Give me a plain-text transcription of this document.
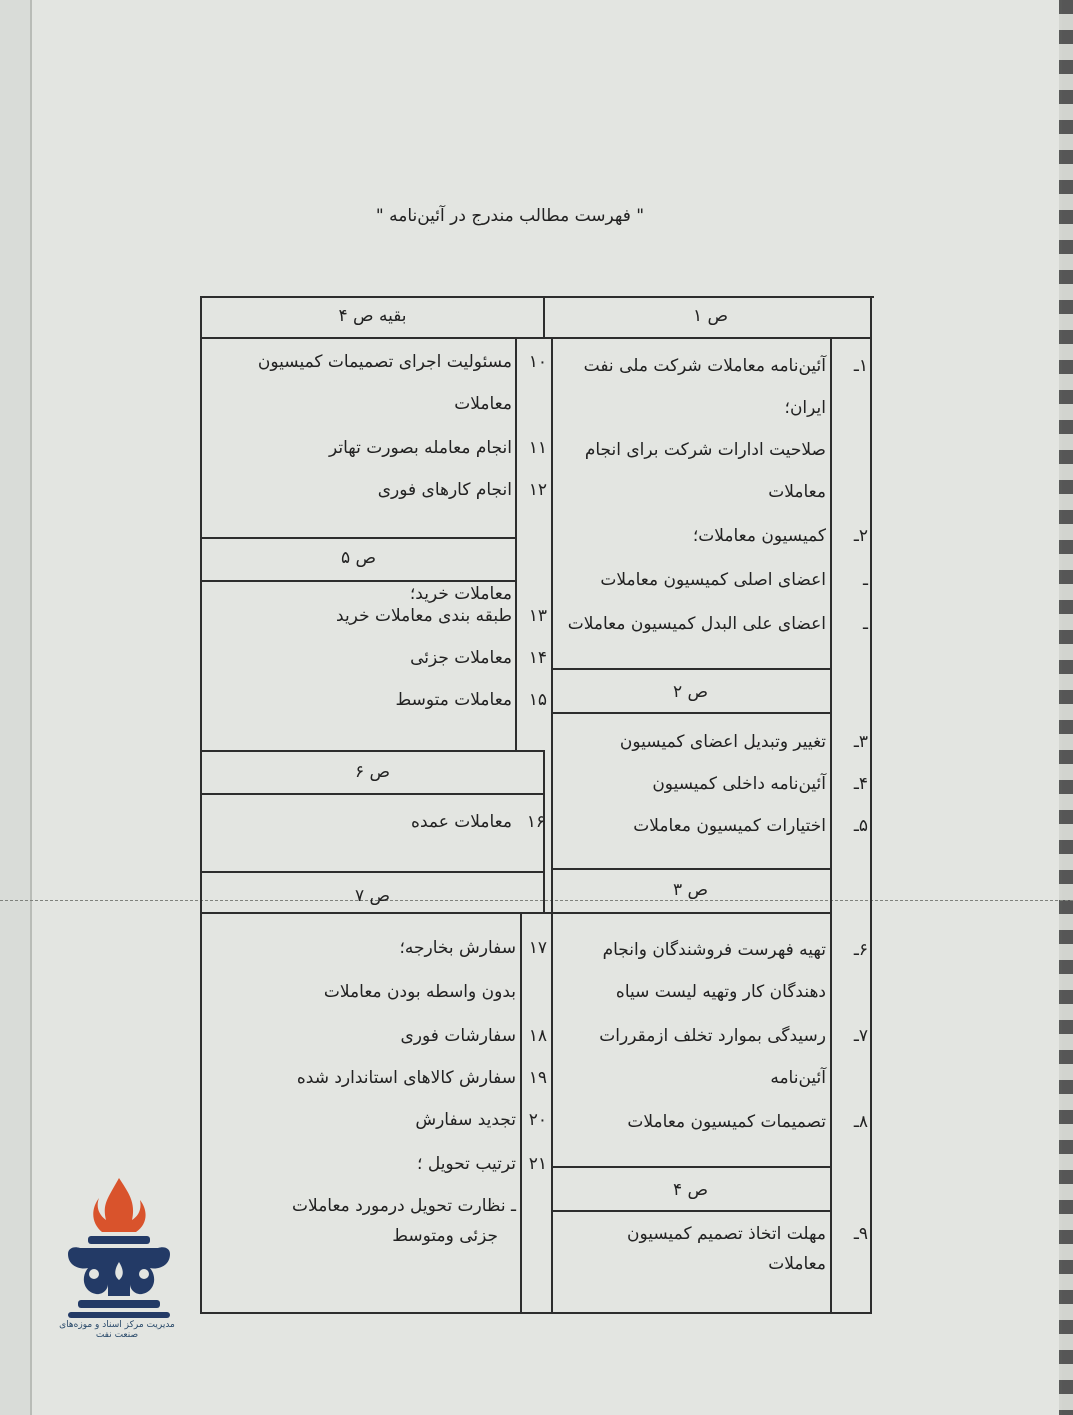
" فهرست مطالب مندرج در آئین‌نامه "
ص ۱
ص ۲
ص ۳
ص ۴
۱ـ
آئین‌نامه معاملات شرکت ملی نفت
ایران؛
صلاحیت ادارات شرکت برای انجام
معاملات
۲ـ
کمیسیون معاملات؛
ـ
اعضای اصلی کمیسیون معاملات
ـ
اعضای علی البدل کمیسیون معاملات
۳ـ
تغییر وتبدیل اعضای کمیسیون
۴ـ
آئین‌نامه داخلی کمیسیون
۵ـ
اختیارات کمیسیون معاملات
۶ـ
تهیه فهرست فروشندگان وانجام
دهندگان کار وتهیه لیست سیاه
۷ـ
رسیدگی بموارد تخلف ازمقررات
آئین‌نامه
۸ـ
تصمیمات کمیسیون معاملات
۹ـ
مهلت اتخاذ تصمیم کمیسیون
معاملات
بقیه ص ۴
ص ۵
ص ۶
ص ۷
۱۰
مسئولیت اجرای تصمیمات کمیسیون
معاملات
۱۱
انجام معامله بصورت تهاتر
۱۲
انجام کارهای فوری
معاملات خرید؛
۱۳
طبقه بندی معاملات خرید
۱۴
معاملات جزئی
۱۵
معاملات متوسط
۱۶
معاملات عمده
۱۷
سفارش بخارجه؛
بدون واسطه بودن معاملات
۱۸
سفارشات فوری
۱۹
سفارش کالاهای استاندارد شده
۲۰
تجدید سفارش
۲۱
ترتیب تحویل ؛
ـ نظارت تحویل درمورد معاملات
جزئی ومتوسط
مدیریت مرکز اسناد و موزه‌های صنعت نفت
